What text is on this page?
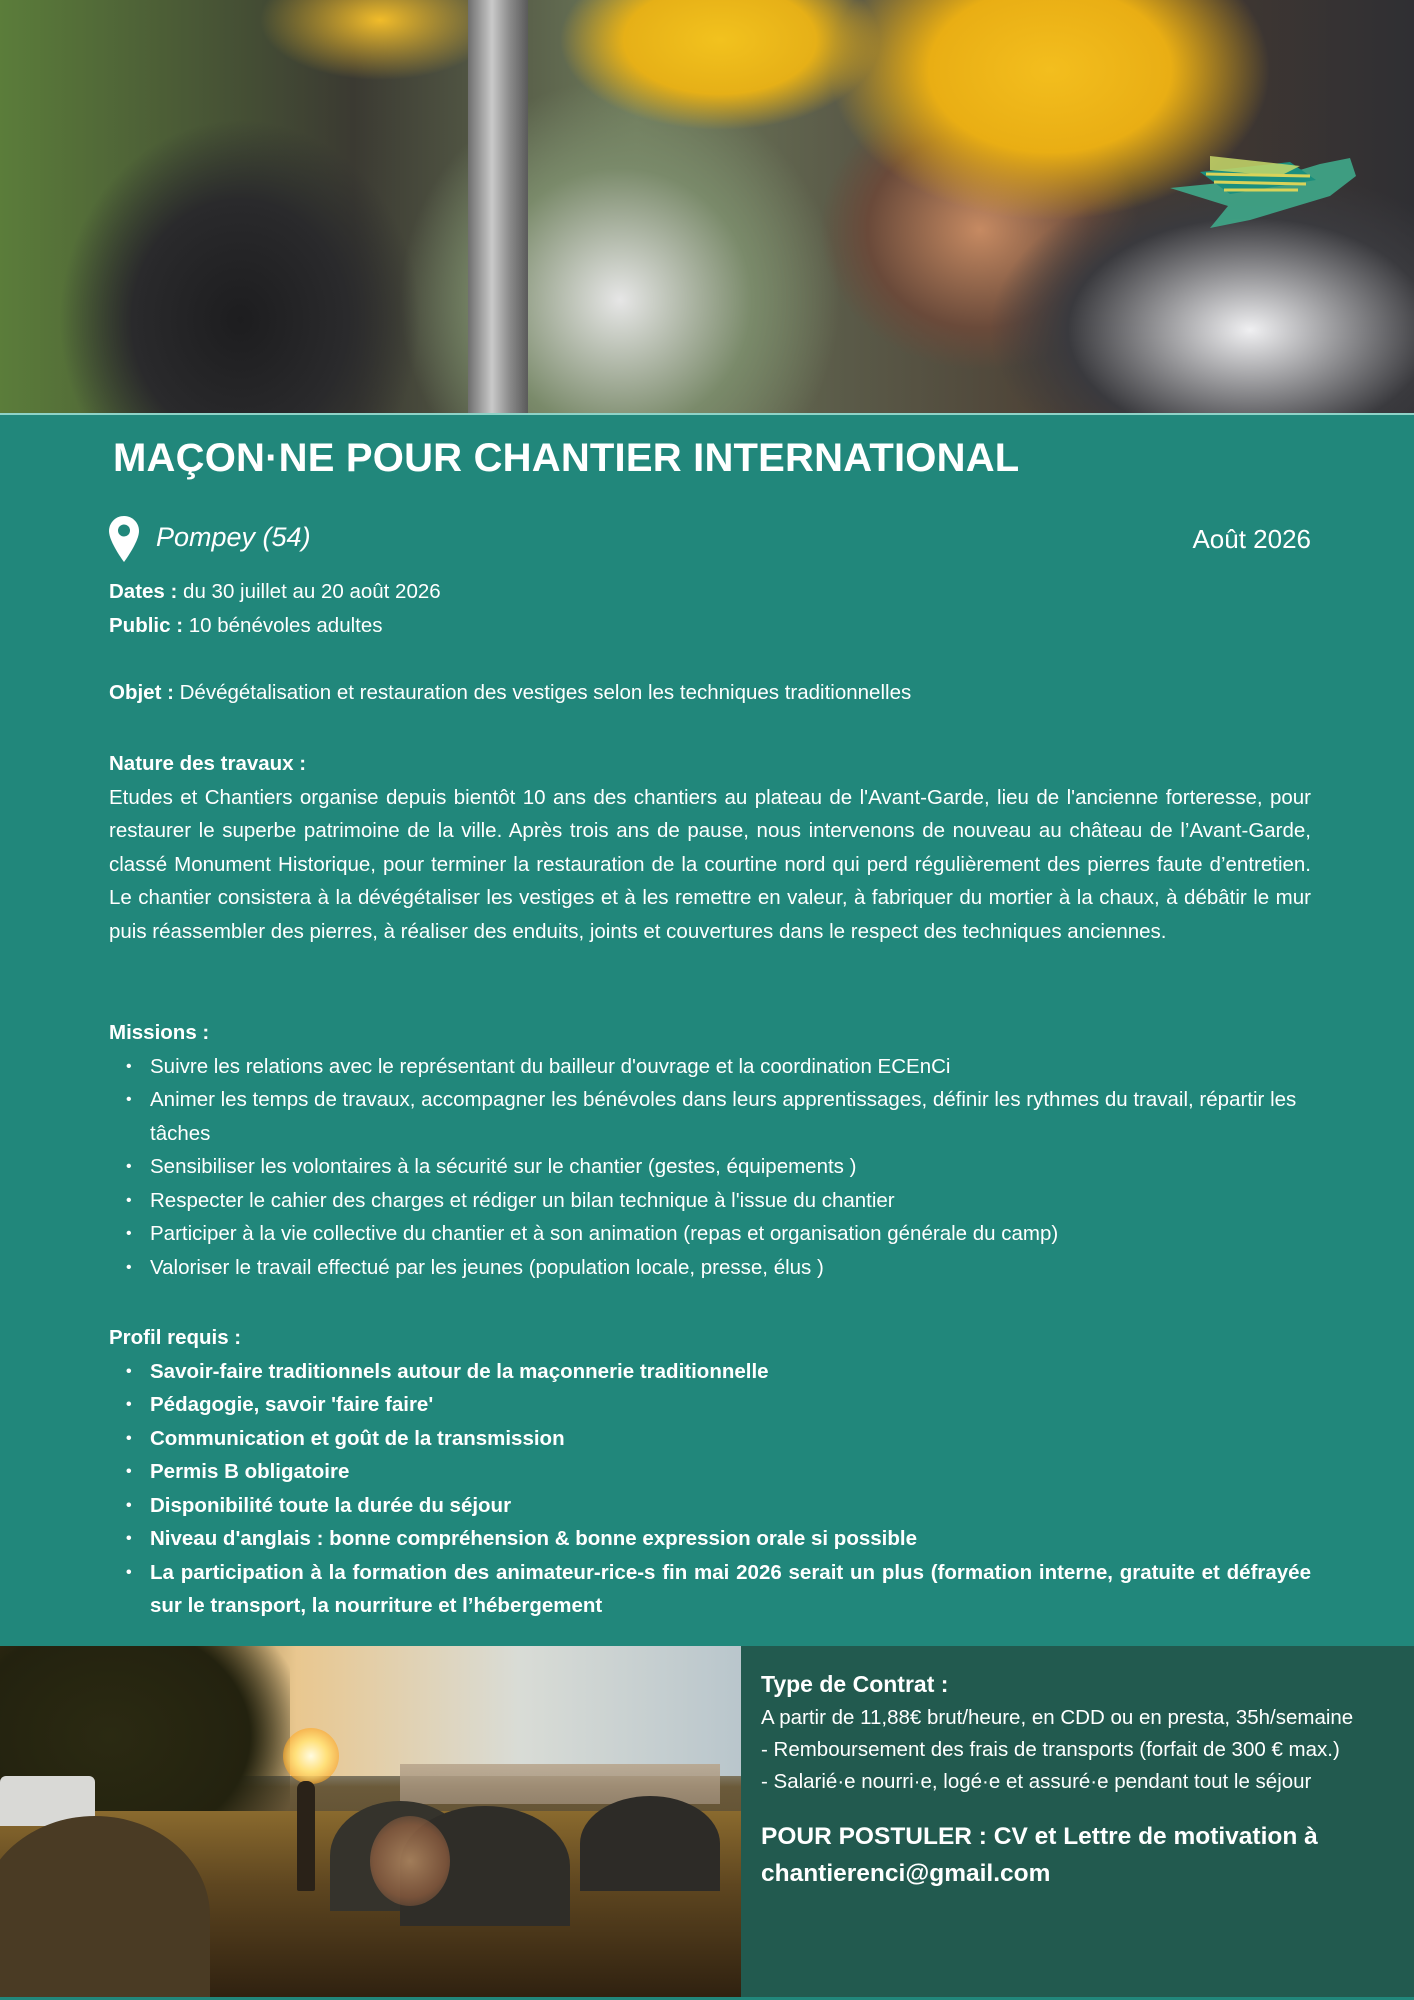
MAÇON·NE POUR CHANTIER INTERNATIONAL
Pompey (54)	Août 2026
Dates : du 30 juillet au 20 août 2026
Public : 10 bénévoles adultes
Objet : Dévégétalisation et restauration des vestiges selon les techniques traditionnelles
Nature des travaux :
Etudes et Chantiers organise depuis bientôt 10 ans des chantiers au plateau de l'Avant-Garde, lieu de l'ancienne forteresse, pour restaurer le superbe patrimoine de la ville. Après trois ans de pause, nous intervenons de nouveau au château de l’Avant-Garde, classé Monument Historique, pour terminer la restauration de la courtine nord qui perd régulièrement des pierres faute d’entretien. Le chantier consistera à la dévégétaliser les vestiges et à les remettre en valeur, à fabriquer du mortier à la chaux, à débâtir le mur puis réassembler des pierres, à réaliser des enduits, joints et couvertures dans le respect des techniques anciennes.
Missions :
• Suivre les relations avec le représentant du bailleur d'ouvrage et la coordination ECEnCi
• Animer les temps de travaux, accompagner les bénévoles dans leurs apprentissages, définir les rythmes du travail, répartir les tâches
• Sensibiliser les volontaires à la sécurité sur le chantier (gestes, équipements )
• Respecter le cahier des charges et rédiger un bilan technique à l'issue du chantier
• Participer à la vie collective du chantier et à son animation (repas et organisation générale du camp)
• Valoriser le travail effectué par les jeunes (population locale, presse, élus )
Profil requis :
• Savoir-faire traditionnels autour de la maçonnerie traditionnelle
• Pédagogie, savoir 'faire faire'
• Communication et goût de la transmission
• Permis B obligatoire
• Disponibilité toute la durée du séjour
• Niveau d'anglais : bonne compréhension & bonne expression orale si possible
• La participation à la formation des animateur-rice-s fin mai 2026 serait un plus (formation interne, gratuite et défrayée sur le transport, la nourriture et l’hébergement
Type de Contrat :
A partir de 11,88€ brut/heure, en CDD ou en presta, 35h/semaine
- Remboursement des frais de transports (forfait de 300 € max.)
- Salarié·e nourri·e, logé·e et assuré·e pendant tout le séjour
POUR POSTULER : CV et Lettre de motivation à chantierenci@gmail.com
